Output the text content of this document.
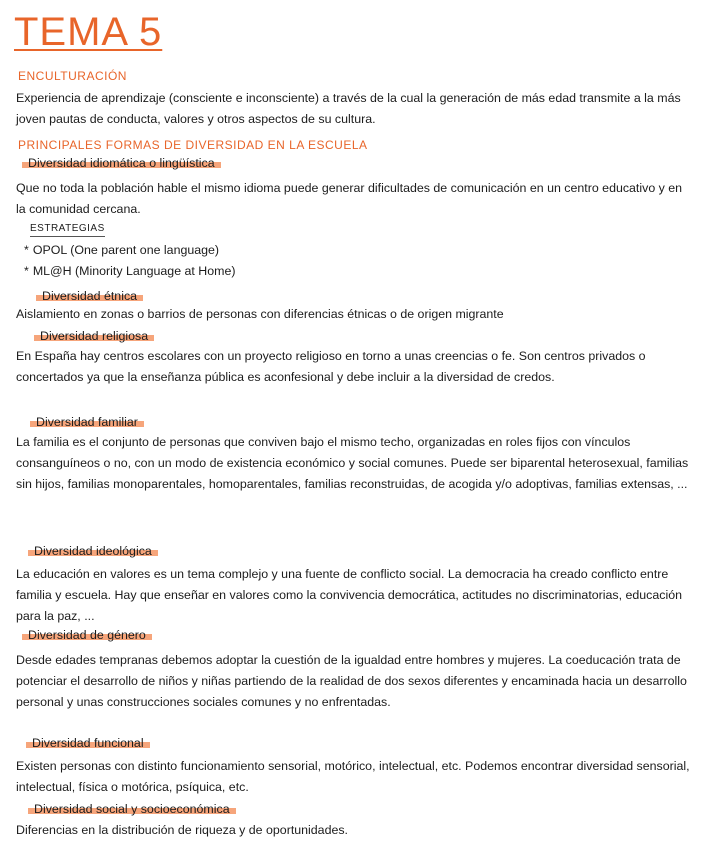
TEMA 5
ENCULTURACIÓN
Experiencia de aprendizaje (consciente e inconsciente) a través de la cual la generación de más edad transmite a la más joven pautas de conducta, valores y otros aspectos de su cultura.
PRINCIPALES FORMAS DE DIVERSIDAD EN LA ESCUELA
Diversidad idiomática o lingüística
Que no toda la población hable el mismo idioma puede generar dificultades de comunicación en un centro educativo y en la comunidad cercana.
ESTRATEGIAS
* OPOL (One parent one language)
* ML@H (Minority Language at Home)
Diversidad étnica
Aislamiento en zonas o barrios de personas con diferencias étnicas o de origen migrante
Diversidad religiosa
En España hay centros escolares con un proyecto religioso en torno a unas creencias o fe. Son centros privados o concertados ya que la enseñanza pública es aconfesional y debe incluir a la diversidad de credos.
Diversidad familiar
La familia es el conjunto de personas que conviven bajo el mismo techo, organizadas en roles fijos con vínculos consanguíneos o no, con un modo de existencia económico y social comunes. Puede ser biparental heterosexual, familias sin hijos, familias monoparentales, homoparentales, familias reconstruidas, de acogida y/o adoptivas, familias extensas, ...
Diversidad ideológica
La educación en valores es un tema complejo y una fuente de conflicto social. La democracia ha creado conflicto entre familia y escuela. Hay que enseñar en valores como la convivencia democrática, actitudes no discriminatorias, educación para la paz, ...
Diversidad de género
Desde edades tempranas debemos adoptar la cuestión de la igualdad entre hombres y mujeres. La coeducación trata de potenciar el desarrollo de niños y niñas partiendo de la realidad de dos sexos diferentes y encaminada hacia un desarrollo personal y unas construcciones sociales comunes y no enfrentadas.
Diversidad funcional
Existen personas con distinto funcionamiento sensorial, motórico, intelectual, etc. Podemos encontrar diversidad sensorial, intelectual, física o motórica, psíquica, etc.
Diversidad social y socioeconómica
Diferencias en la distribución de riqueza y de oportunidades.
